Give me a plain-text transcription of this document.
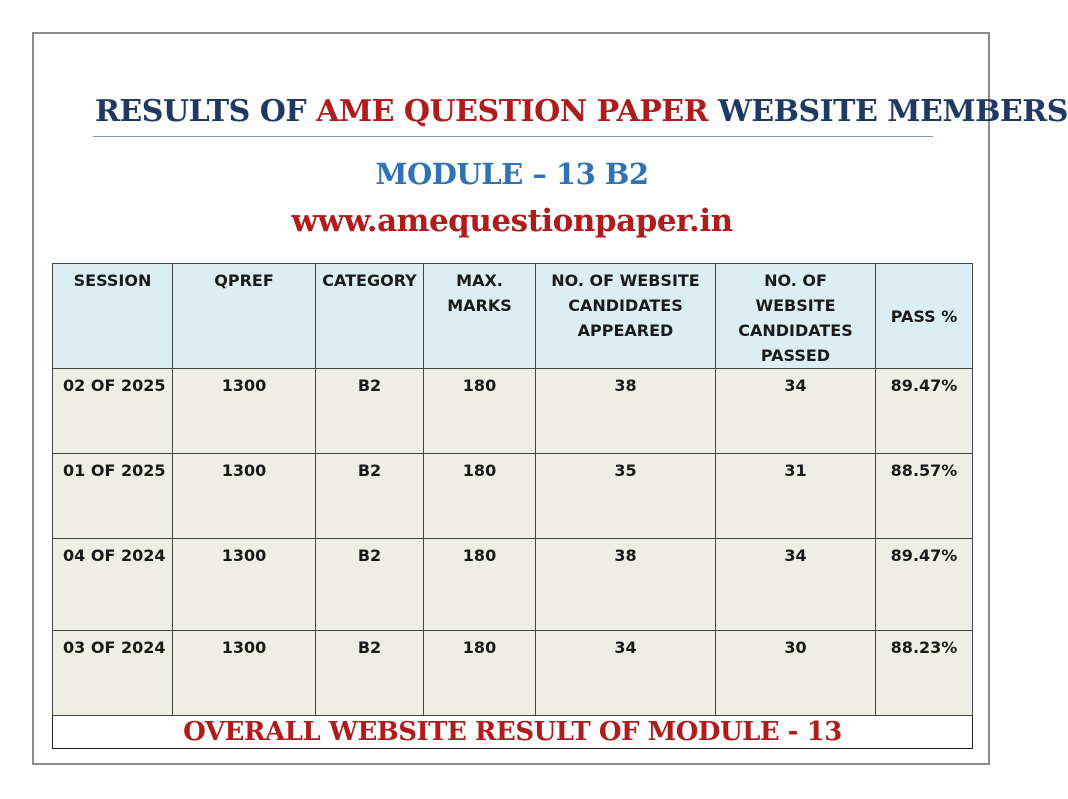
RESULTS OF AME QUESTION PAPER WEBSITE MEMBERS
MODULE – 13 B2
www.amequestionpaper.in
SESSION	QPREF	CATEGORY	MAX. MARKS	NO. OF WEBSITE CANDIDATES APPEARED	NO. OF WEBSITE CANDIDATES PASSED	PASS %
02 OF 2025	1300	B2	180	38	34	89.47%
01 OF 2025	1300	B2	180	35	31	88.57%
04 OF 2024	1300	B2	180	38	34	89.47%
03 OF 2024	1300	B2	180	34	30	88.23%
OVERALL WEBSITE RESULT OF MODULE - 13						
